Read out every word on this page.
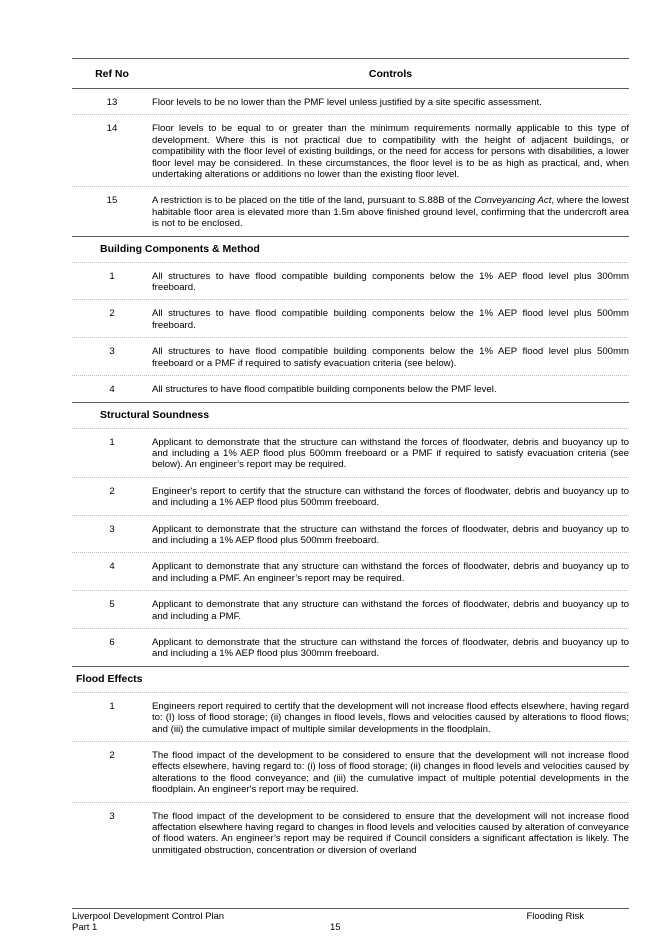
Ref No	Controls
13	Floor levels to be no lower than the PMF level unless justified by a site specific assessment.
14	Floor levels to be equal to or greater than the minimum requirements normally applicable to this type of development. Where this is not practical due to compatibility with the height of adjacent buildings, or compatibility with the floor level of existing buildings, or the need for access for persons with disabilities, a lower floor level may be considered. In these circumstances, the floor level is to be as high as practical, and, when undertaking alterations or additions no lower than the existing floor level.
15	A restriction is to be placed on the title of the land, pursuant to S.88B of the Conveyancing Act, where the lowest habitable floor area is elevated more than 1.5m above finished ground level, confirming that the undercroft area is not to be enclosed.
Building Components & Method
1	All structures to have flood compatible building components below the 1% AEP flood level plus 300mm freeboard.
2	All structures to have flood compatible building components below the 1% AEP flood level plus 500mm freeboard.
3	All structures to have flood compatible building components below the 1% AEP flood level plus 500mm freeboard or a PMF if required to satisfy evacuation criteria (see below).
4	All structures to have flood compatible building components below the PMF level.
Structural Soundness
1	Applicant to demonstrate that the structure can withstand the forces of floodwater, debris and buoyancy up to and including a 1% AEP flood plus 500mm freeboard or a PMF if required to satisfy evacuation criteria (see below). An engineer’s report may be required.
2	Engineer's report to certify that the structure can withstand the forces of floodwater, debris and buoyancy up to and including a 1% AEP flood plus 500mm freeboard.
3	Applicant to demonstrate that the structure can withstand the forces of floodwater, debris and buoyancy up to and including a 1% AEP flood plus 500mm freeboard.
4	Applicant to demonstrate that any structure can withstand the forces of floodwater, debris and buoyancy up to and including a PMF. An engineer’s report may be required.
5	Applicant to demonstrate that any structure can withstand the forces of floodwater, debris and buoyancy up to and including a PMF.
6	Applicant to demonstrate that the structure can withstand the forces of floodwater, debris and buoyancy up to and including a 1% AEP flood plus 300mm freeboard.
Flood Effects
1	Engineers report required to certify that the development will not increase flood effects elsewhere, having regard to: (I) loss of flood storage; (ii) changes in flood levels, flows and velocities caused by alterations to flood flows; and (iii) the cumulative impact of multiple similar developments in the floodplain.
2	The flood impact of the development to be considered to ensure that the development will not increase flood effects elsewhere, having regard to: (i) loss of flood storage; (ii) changes in flood levels and velocities caused by alterations to the flood conveyance; and (iii) the cumulative impact of multiple potential developments in the floodplain. An engineer's report may be required.
3	The flood impact of the development to be considered to ensure that the development will not increase flood affectation elsewhere having regard to changes in flood levels and velocities caused by alteration of conveyance of flood waters. An engineer’s report may be required if Council considers a significant affectation is likely. The unmitigated obstruction, concentration or diversion of overland
Liverpool Development Control Plan	Flooding Risk
Part 1	15
